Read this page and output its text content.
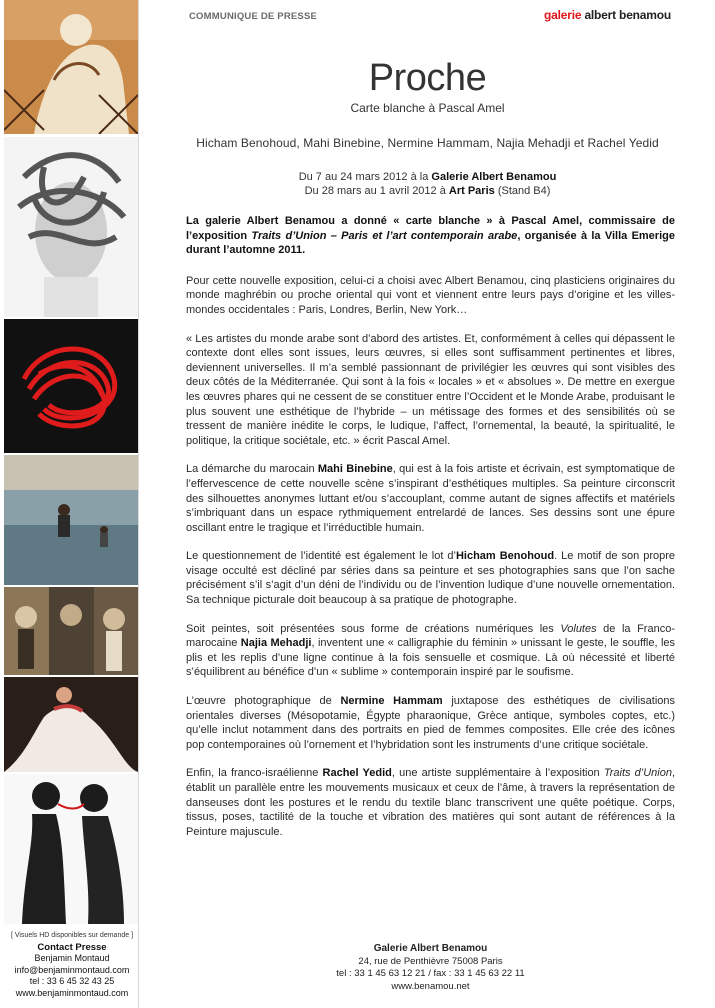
COMMUNIQUE DE PRESSE	galerie albert benamou
[ Visuels HD disponibles sur demande ]
Contact Presse
Benjamin Montaud
info@benjaminmontaud.com
tel : 33 6 45 32 43 25
www.benjaminmontaud.com
Proche
Carte blanche à Pascal Amel
Hicham Benohoud, Mahi Binebine, Nermine Hammam, Najia Mehadji et Rachel Yedid
Du 7 au 24 mars 2012 à la Galerie Albert Benamou
Du 28 mars au 1 avril 2012 à Art Paris (Stand B4)

La galerie Albert Benamou a donné « carte blanche » à Pascal Amel, commissaire de l’exposition Traits d’Union – Paris et l’art contemporain arabe, organisée à la Villa Emerige durant l’automne 2011.

Pour cette nouvelle exposition, celui-ci a choisi avec Albert Benamou, cinq plasticiens originaires du monde maghrébin ou proche oriental qui vont et viennent entre leurs pays d’origine et les villes-mondes occidentales : Paris, Londres, Berlin, New York…

« Les artistes du monde arabe sont d’abord des artistes. Et, conformément à celles qui dépassent le contexte dont elles sont issues, leurs œuvres, si elles sont suffisamment pertinentes et libres, deviennent universelles. Il m’a semblé passionnant de privilégier les œuvres qui sont visibles des deux côtés de la Méditerranée. Qui sont à la fois « locales » et « absolues ». De mettre en exergue les œuvres phares qui ne cessent de se constituer entre l’Occident et le Monde Arabe, produisant le plus souvent une esthétique de l’hybride – un métissage des formes et des sensibilités où se tressent de manière inédite le corps, le ludique, l’affect, l’ornemental, la beauté, la spiritualité, le politique, la critique sociétale, etc. » écrit Pascal Amel.

La démarche du marocain Mahi Binebine, qui est à la fois artiste et écrivain, est symptomatique de l’effervescence de cette nouvelle scène s’inspirant d’esthétiques multiples. Sa peinture circonscrit des silhouettes anonymes luttant et/ou s’accouplant, comme autant de signes affectifs et matériels s’imbriquant dans un espace rythmiquement entrelardé de lances. Ses dessins sont une épure oscillant entre le tragique et l’irréductible humain.

Le questionnement de l’identité est également le lot d’Hicham Benohoud. Le motif de son propre visage occulté est décliné par séries dans sa peinture et ses photographies sans que l’on sache précisément s’il s’agit d’un déni de l’individu ou de l’invention ludique d’une nouvelle ornementation. Sa technique picturale doit beaucoup à sa pratique de photographe.

Soit peintes, soit présentées sous forme de créations numériques les Volutes de la Franco-marocaine Najia Mehadji, inventent une « calligraphie du féminin » unissant le geste, le souffle, les plis et les replis d’une ligne continue à la fois sensuelle et cosmique. Là où nécessité et liberté s’équilibrent au bénéfice d’un « sublime » contemporain inspiré par le soufisme.

L’œuvre photographique de Nermine Hammam juxtapose des esthétiques de civilisations orientales diverses (Mésopotamie, Égypte pharaonique, Grèce antique, symboles coptes, etc.) qu’elle inclut notamment dans des portraits en pied de femmes composites. Elle crée des icônes pop contemporaines où l’ornement et l’hybridation sont les instruments d’une critique sociétale.

Enfin, la franco-israélienne Rachel Yedid, une artiste supplémentaire à l’exposition Traits d’Union, établit un parallèle entre les mouvements musicaux et ceux de l’âme, à travers la représentation de danseuses dont les postures et le rendu du textile blanc transcrivent une quête poétique. Corps, tissus, poses, tactilité de la touche et vibration des matières qui sont autant de références à la Peinture majuscule.

Galerie Albert Benamou
24, rue de Penthièvre 75008 Paris
tel : 33 1 45 63 12 21 / fax : 33 1 45 63 22 11
www.benamou.net
